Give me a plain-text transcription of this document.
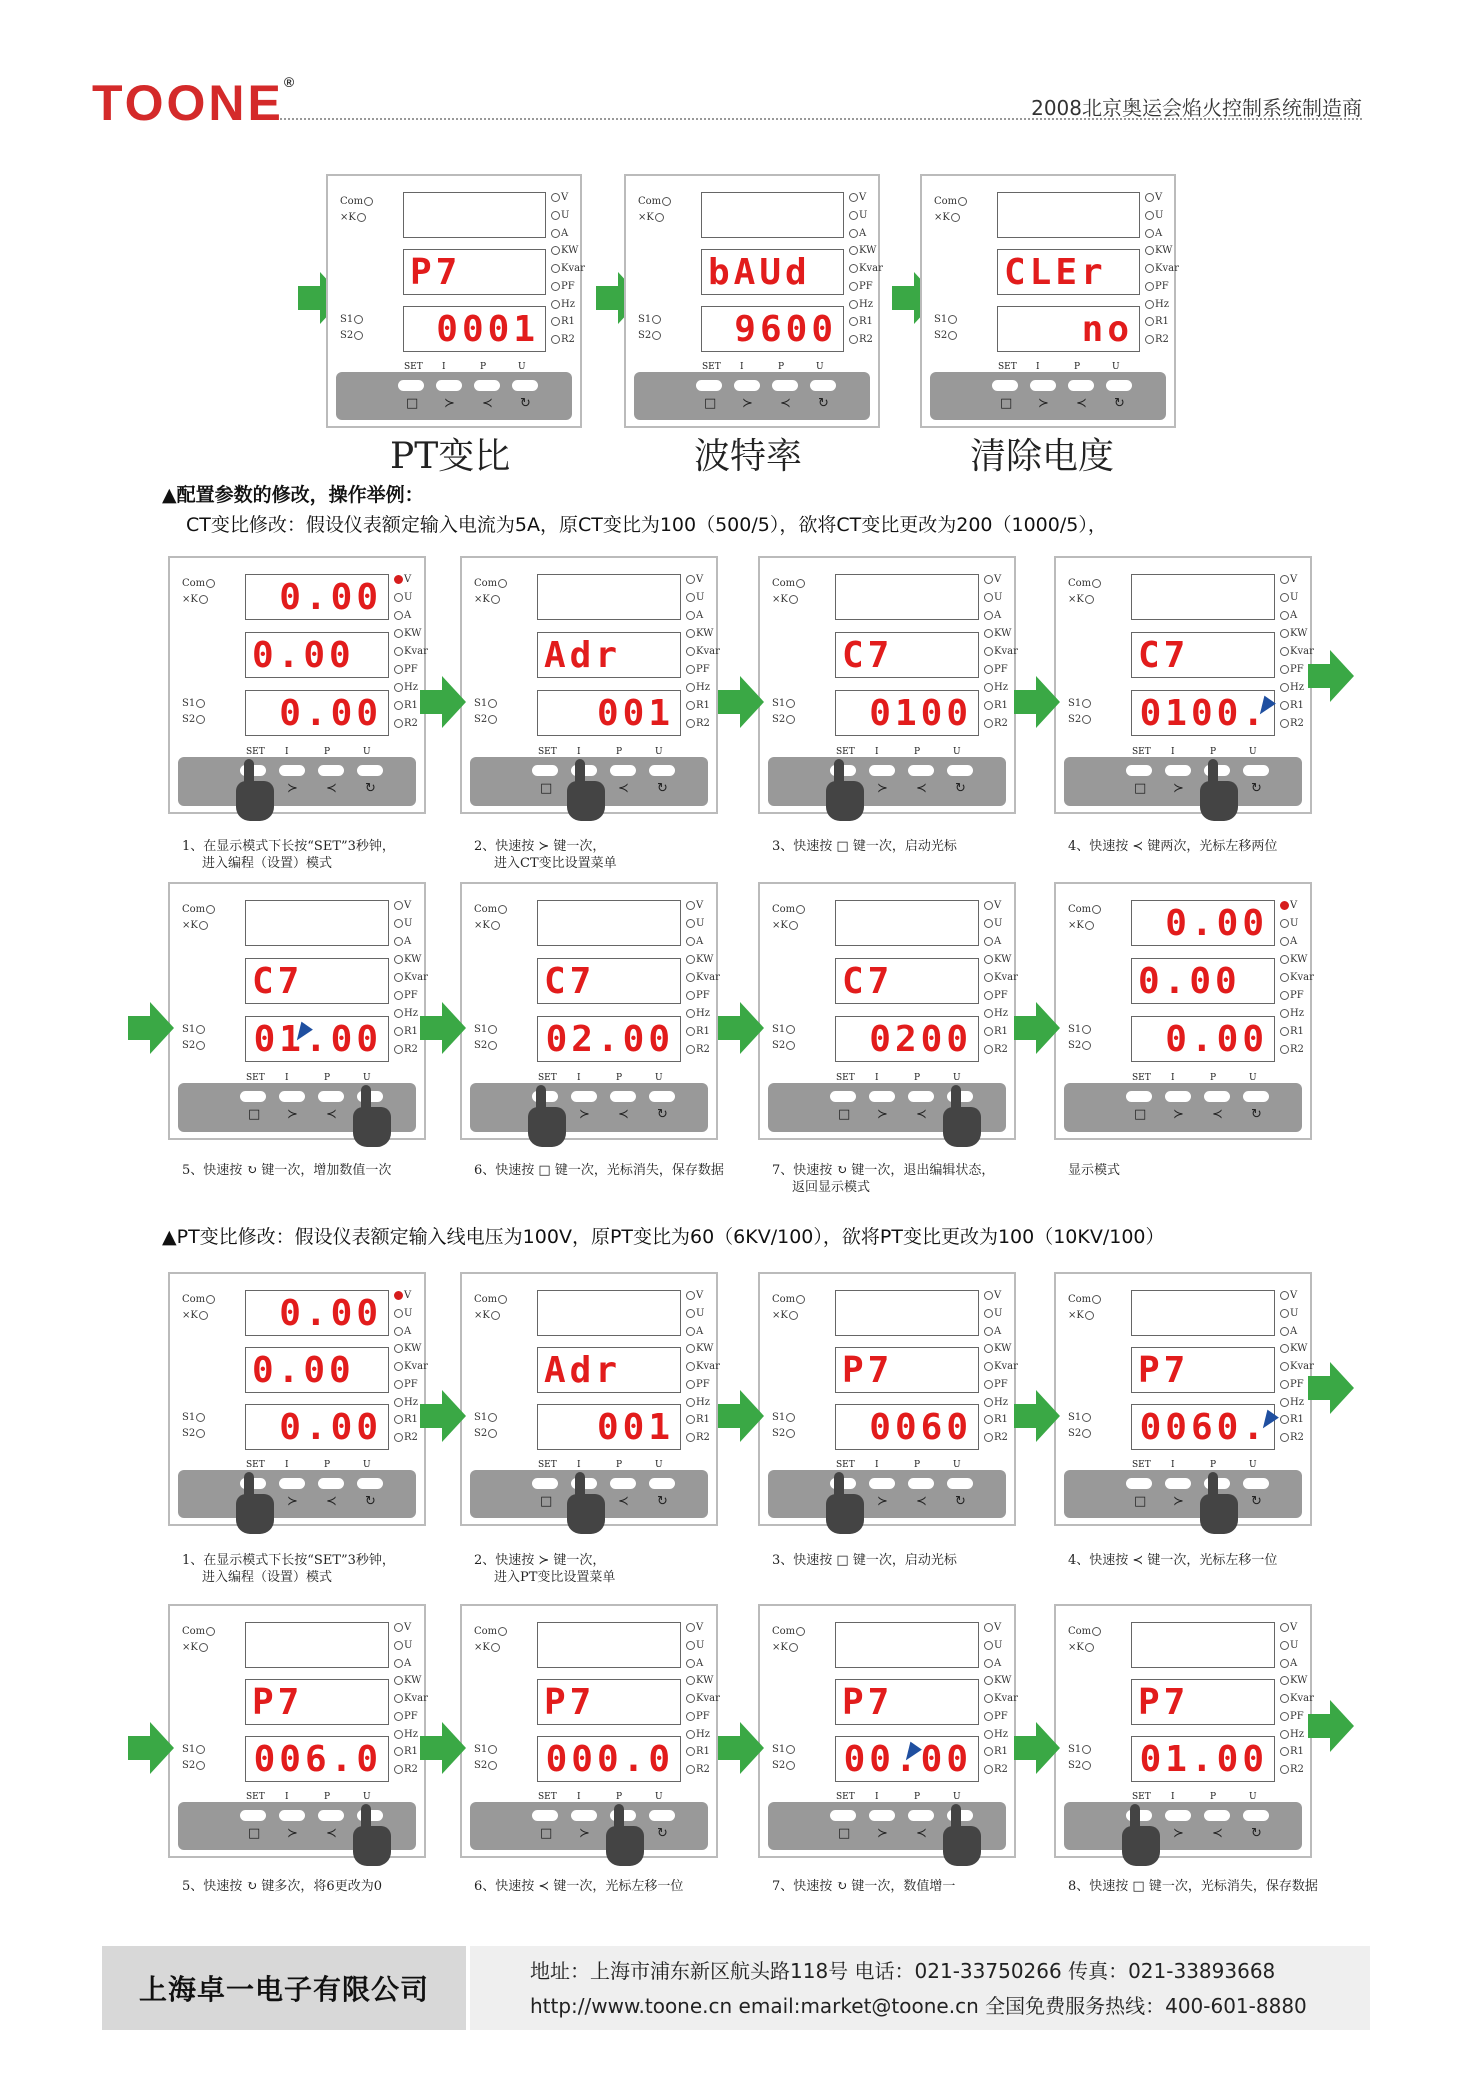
TOONE®
2008北京奥运会焰火控制系统制造商
P7
0001
Com
×K
S1
S2
V
U
A
KW
Kvar
PF
Hz
R1
R2
SET
□
I
≻
P
≺
U
↻
PT变比
bAUd
9600
Com
×K
S1
S2
V
U
A
KW
Kvar
PF
Hz
R1
R2
SET
□
I
≻
P
≺
U
↻
波特率
CLEr
no
Com
×K
S1
S2
V
U
A
KW
Kvar
PF
Hz
R1
R2
SET
□
I
≻
P
≺
U
↻
清除电度
0.00
0.00
0.00
Com
×K
S1
S2
V
U
A
KW
Kvar
PF
Hz
R1
R2
SET I
≻
P
≺
U
↻
1、在显示模式下长按“SET”3秒钟，
进入编程（设置）模式
Adr
001
Com
×K
S1
S2
V
U
A
KW
Kvar
PF
Hz
R1
R2
SET
□
I	P
≺
U
↻
2、快速按 ≻ 键一次，
进入CT变比设置菜单
C7
0100
Com
×K
S1
S2
V
U
A
KW
Kvar
PF
Hz
R1
R2
SET I
≻
P
≺
U
↻
3、快速按 □ 键一次，启动光标
C7
0100.
Com
×K
S1
S2
V
U
A
KW
Kvar
PF
Hz
R1
R2
SET
□
I
≻
P	U
↻
4、快速按 ≺ 键两次，光标左移两位
C7
01.00
Com
×K
S1
S2
V
U
A
KW
Kvar
PF
Hz
R1
R2
SET
□
I
≻
P
≺
U
5、快速按 ↻ 键一次，增加数值一次
C7
02.00
Com
×K
S1
S2
V
U
A
KW
Kvar
PF
Hz
R1
R2
SET I
≻
P
≺
U
↻
6、快速按 □ 键一次，光标消失，保存数据
C7
0200
Com
×K
S1
S2
V
U
A
KW
Kvar
PF
Hz
R1
R2
SET
□
I
≻
P
≺
U
7、快速按 ↻ 键一次，退出编辑状态，
返回显示模式
0.00
0.00
0.00
Com
×K
S1
S2
V
U
A
KW
Kvar
PF
Hz
R1
R2
SET
□
I
≻
P
≺
U
↻
显示模式
0.00
0.00
0.00
Com
×K
S1
S2
V
U
A
KW
Kvar
PF
Hz
R1
R2
SET I
≻
P
≺
U
↻
1、在显示模式下长按“SET”3秒钟，
进入编程（设置）模式
Adr
001
Com
×K
S1
S2
V
U
A
KW
Kvar
PF
Hz
R1
R2
SET
□
I	P
≺
U
↻
2、快速按 ≻ 键一次，
进入PT变比设置菜单
P7
0060
Com
×K
S1
S2
V
U
A
KW
Kvar
PF
Hz
R1
R2
SET I
≻
P
≺
U
↻
3、快速按 □ 键一次，启动光标
P7
0060.
Com
×K
S1
S2
V
U
A
KW
Kvar
PF
Hz
R1
R2
SET
□
I
≻
P	U
↻
4、快速按 ≺ 键一次，光标左移一位
P7
006.0
Com
×K
S1
S2
V
U
A
KW
Kvar
PF
Hz
R1
R2
SET
□
I
≻
P
≺
U
5、快速按 ↻ 键多次，将6更改为0
P7
000.0
Com
×K
S1
S2
V
U
A
KW
Kvar
PF
Hz
R1
R2
SET
□
I
≻
P	U
↻
6、快速按 ≺ 键一次，光标左移一位
P7
00.00
Com
×K
S1
S2
V
U
A
KW
Kvar
PF
Hz
R1
R2
SET
□
I
≻
P
≺
U
7、快速按 ↻ 键一次，数值增一
P7
01.00
Com
×K
S1
S2
V
U
A
KW
Kvar
PF
Hz
R1
R2
SET I
≻
P
≺
U
↻
8、快速按 □ 键一次，光标消失，保存数据
▲配置参数的修改，操作举例：
CT变比修改：假设仪表额定输入电流为5A，原CT变比为100（500/5），欲将CT变比更改为200（1000/5），
▲PT变比修改：假设仪表额定输入线电压为100V，原PT变比为60（6KV/100），欲将PT变比更改为100（10KV/100）
上海卓一电子有限公司
地址：上海市浦东新区航头路118号 电话：021-33750266 传真：021-33893668
http://www.toone.cn email:market@toone.cn 全国免费服务热线：400-601-8880
